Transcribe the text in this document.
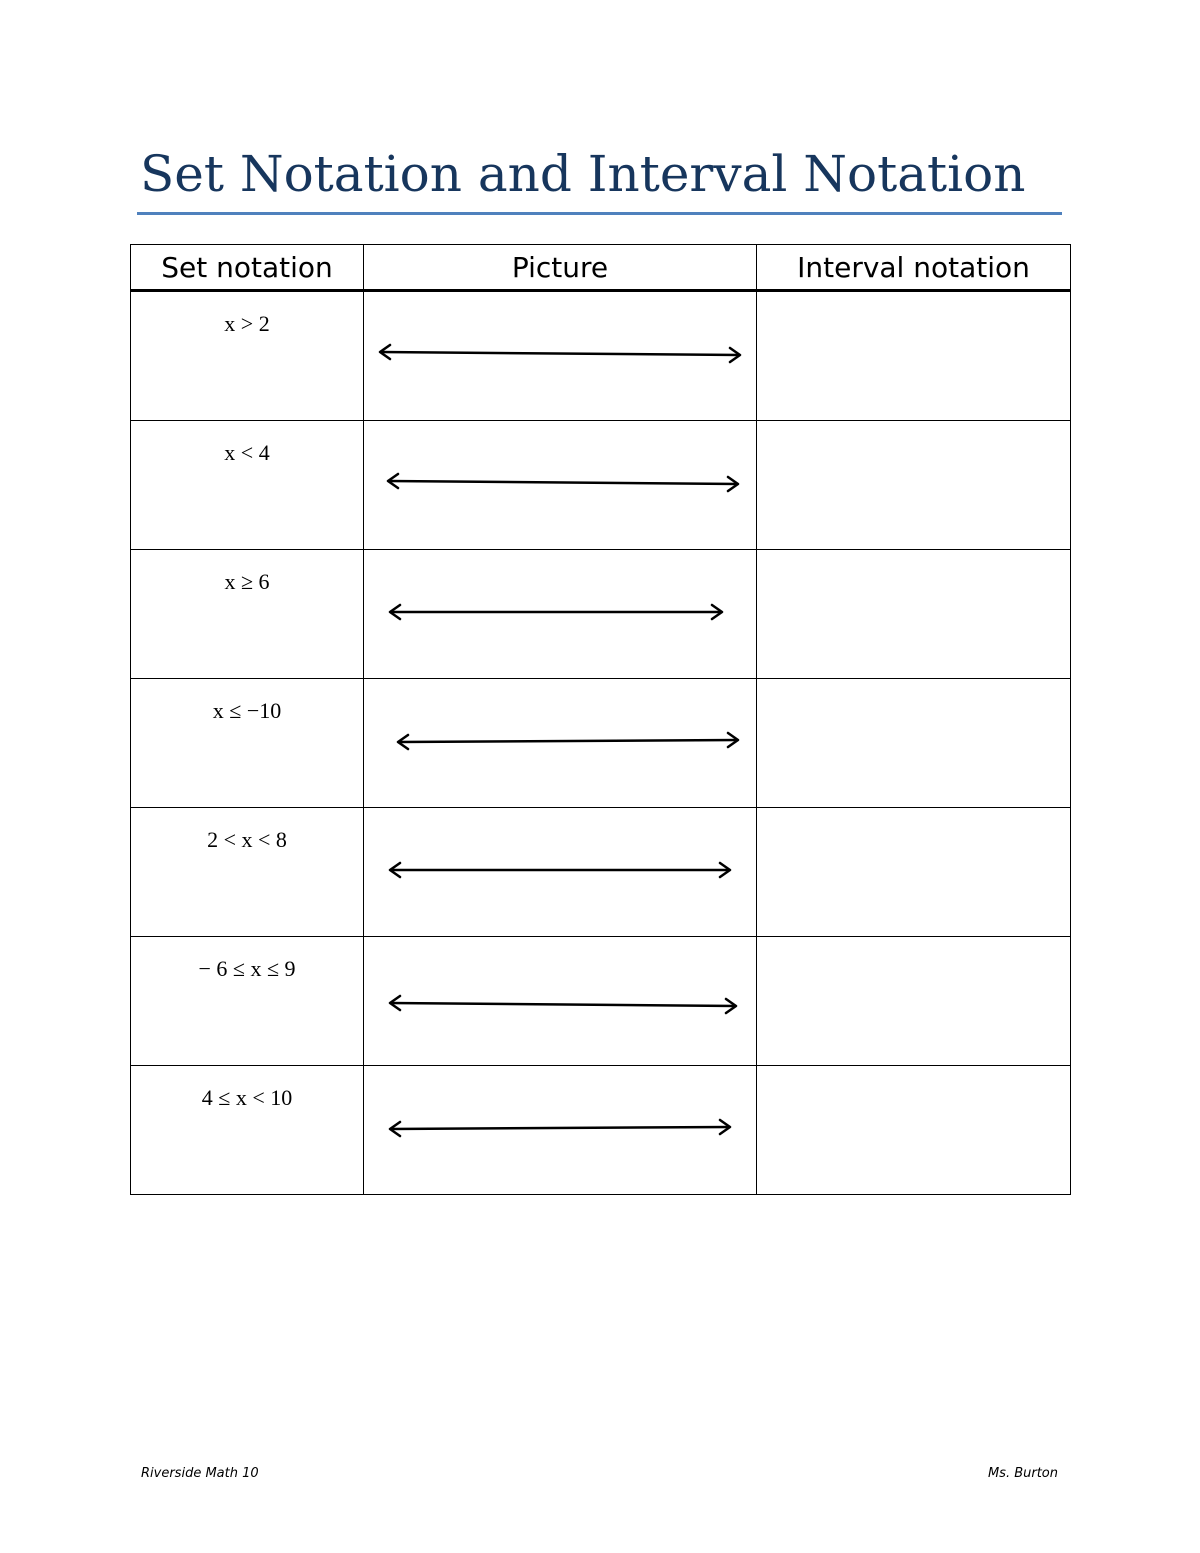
Set Notation and Interval Notation
Set notation	Picture	Interval notation

x > 2

x < 4

x ≥ 6

x ≤ −10

2 < x < 8

− 6 ≤ x ≤ 9

4 ≤ x < 10

Riverside Math 10	Ms. Burton
